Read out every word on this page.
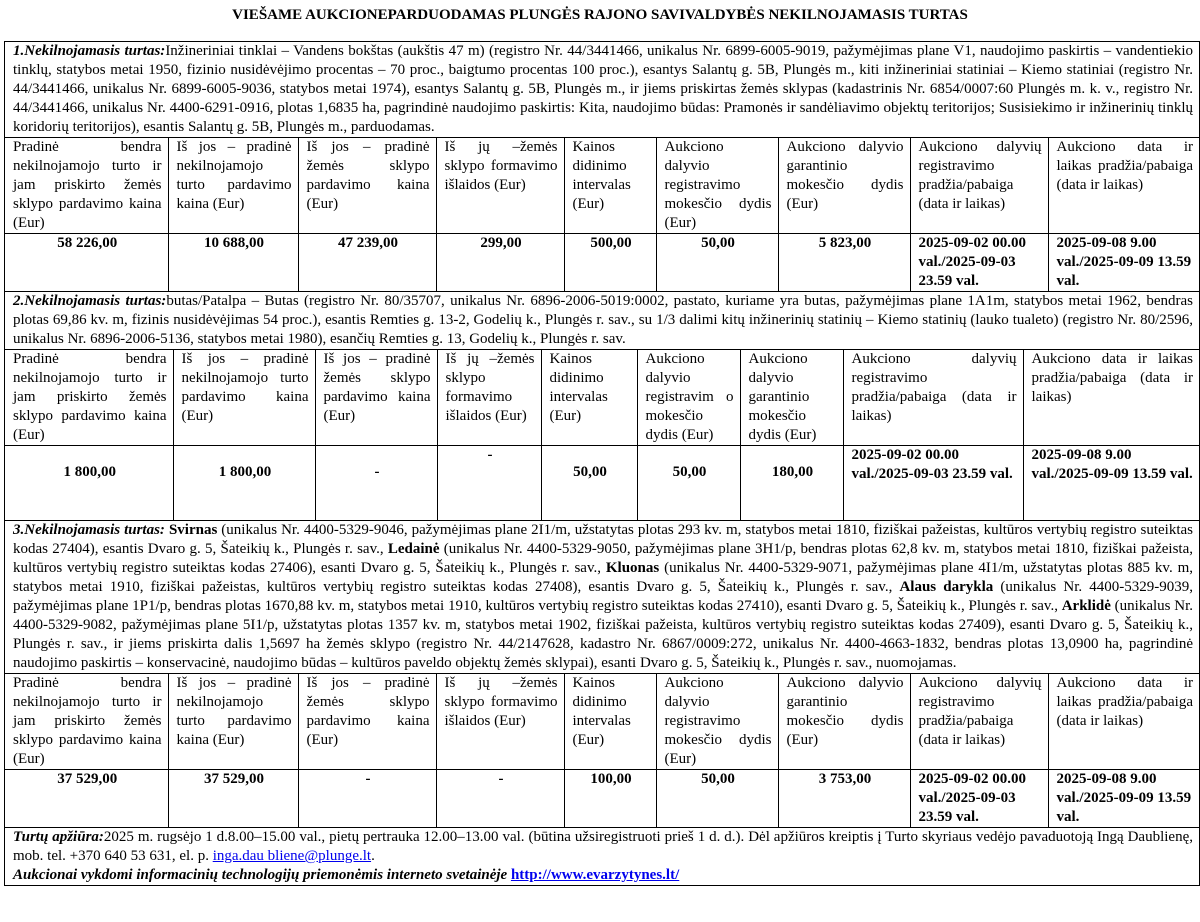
VIEŠAME AUKCIONEPARDUODAMAS PLUNGĖS RAJONO SAVIVALDYBĖS NEKILNOJAMASIS TURTAS
1.Nekilnojamasis turtas:Inžineriniai tinklai – Vandens bokštas (aukštis 47 m) (registro Nr. 44/3441466, unikalus Nr. 6899-6005-9019, pažymėjimas plane V1, naudojimo paskirtis – vandentiekio tinklų, statybos metai 1950, fizinio nusidėvėjimo procentas – 70 proc., baigtumo procentas 100 proc.), esantys Salantų g. 5B, Plungės m., kiti inžineriniai statiniai – Kiemo statiniai (registro Nr. 44/3441466, unikalus Nr. 6899-6005-9036, statybos metai 1974), esantys Salantų g. 5B, Plungės m., ir jiems priskirtas žemės sklypas (kadastrinis Nr. 6854/0007:60 Plungės m. k. v., registro Nr. 44/3441466, unikalus Nr. 4400-6291-0916, plotas 1,6835 ha, pagrindinė naudojimo paskirtis: Kita, naudojimo būdas: Pramonės ir sandėliavimo objektų teritorijos; Susisiekimo ir inžinerinių tinklų koridorių teritorijos), esantis Salantų g. 5B, Plungės m., parduodamas.
Pradinė bendra nekilnojamojo turto ir jam priskirto žemės sklypo pardavimo kaina (Eur)	Iš jos – pradinė nekilnojamojo turto pardavimo kaina (Eur)	Iš jos – pradinė žemės sklypo pardavimo kaina (Eur)	Iš jų –žemės sklypo formavimo išlaidos (Eur)	Kainos didinimo intervalas (Eur)	Aukciono dalyvio registravimo mokesčio dydis (Eur)	Aukciono dalyvio garantinio mokesčio dydis (Eur)	Aukciono dalyvių registravimo pradžia/pabaiga (data ir laikas)	Aukciono data ir laikas pradžia/pabaiga (data ir laikas)
58 226,00	10 688,00	47 239,00	299,00	500,00	50,00	5 823,00	2025-09-02 00.00 val./2025-09-03 23.59 val.	2025-09-08 9.00 val./2025-09-09 13.59 val.
2.Nekilnojamasis turtas:butas/Patalpa – Butas (registro Nr. 80/35707, unikalus Nr. 6896-2006-5019:0002, pastato, kuriame yra butas, pažymėjimas plane 1A1m, statybos metai 1962, bendras plotas 69,86 kv. m, fizinis nusidėvėjimas 54 proc.), esantis Remties g. 13-2, Godelių k., Plungės r. sav., su 1/3 dalimi kitų inžinerinių statinių – Kiemo statinių (lauko tualeto) (registro Nr. 80/2596, unikalus Nr. 6896-2006-5136, statybos metai 1980), esančių Remties g. 13, Godelių k., Plungės r. sav.
Pradinė bendra nekilnojamojo turto ir jam priskirto žemės sklypo pardavimo kaina (Eur)	Iš jos – pradinė nekilnojamojo turto pardavimo kaina (Eur)	Iš jos – pradinė žemės sklypo pardavimo kaina (Eur)	Iš jų –žemės sklypo formavimo išlaidos (Eur)	Kainos didinimo intervalas (Eur)	Aukciono dalyvio registravim o mokesčio dydis (Eur)	Aukciono dalyvio garantinio mokesčio dydis (Eur)	Aukciono dalyvių registravimo pradžia/pabaiga (data ir laikas)	Aukciono data ir laikas pradžia/pabaiga (data ir laikas)
1 800,00	1 800,00	-	-	50,00	50,00	180,00	2025-09-02 00.00 val./2025-09-03 23.59 val.	2025-09-08 9.00 val./2025-09-09 13.59 val.
3.Nekilnojamasis turtas: Svirnas (unikalus Nr. 4400-5329-9046, pažymėjimas plane 2I1/m, užstatytas plotas 293 kv. m, statybos metai 1810, fiziškai pažeistas, kultūros vertybių registro suteiktas kodas 27404), esantis Dvaro g. 5, Šateikių k., Plungės r. sav., Ledainė (unikalus Nr. 4400-5329-9050, pažymėjimas plane 3H1/p, bendras plotas 62,8 kv. m, statybos metai 1810, fiziškai pažeista, kultūros vertybių registro suteiktas kodas 27406), esanti Dvaro g. 5, Šateikių k., Plungės r. sav., Kluonas (unikalus Nr. 4400-5329-9071, pažymėjimas plane 4I1/m, užstatytas plotas 885 kv. m, statybos metai 1910, fiziškai pažeistas, kultūros vertybių registro suteiktas kodas 27408), esantis Dvaro g. 5, Šateikių k., Plungės r. sav., Alaus darykla (unikalus Nr. 4400-5329-9039, pažymėjimas plane 1P1/p, bendras plotas 1670,88 kv. m, statybos metai 1910, kultūros vertybių registro suteiktas kodas 27410), esanti Dvaro g. 5, Šateikių k., Plungės r. sav., Arklidė (unikalus Nr. 4400-5329-9082, pažymėjimas plane 5I1/p, užstatytas plotas 1357 kv. m, statybos metai 1902, fiziškai pažeista, kultūros vertybių registro suteiktas kodas 27409), esanti Dvaro g. 5, Šateikių k., Plungės r. sav., ir jiems priskirta dalis 1,5697 ha žemės sklypo (registro Nr. 44/2147628, kadastro Nr. 6867/0009:272, unikalus Nr. 4400-4663-1832, bendras plotas 13,0900 ha, pagrindinė naudojimo paskirtis – konservacinė, naudojimo būdas – kultūros paveldo objektų žemės sklypai), esanti Dvaro g. 5, Šateikių k., Plungės r. sav., nuomojamas.
Pradinė bendra nekilnojamojo turto ir jam priskirto žemės sklypo pardavimo kaina (Eur)	Iš jos – pradinė nekilnojamojo turto pardavimo kaina (Eur)	Iš jos – pradinė žemės sklypo pardavimo kaina (Eur)	Iš jų –žemės sklypo formavimo išlaidos (Eur)	Kainos didinimo intervalas (Eur)	Aukciono dalyvio registravimo mokesčio dydis (Eur)	Aukciono dalyvio garantinio mokesčio dydis (Eur)	Aukciono dalyvių registravimo pradžia/pabaiga (data ir laikas)	Aukciono data ir laikas pradžia/pabaiga (data ir laikas)
37 529,00	37 529,00	-	-	100,00	50,00	3 753,00	2025-09-02 00.00 val./2025-09-03 23.59 val.	2025-09-08 9.00 val./2025-09-09 13.59 val.
Turtų apžiūra:2025 m. rugsėjo 1 d.8.00–15.00 val., pietų pertrauka 12.00–13.00 val. (būtina užsiregistruoti prieš 1 d. d.). Dėl apžiūros kreiptis į Turto skyriaus vedėjo pavaduotoją Ingą Daublienę, mob. tel. +370 640 53 631, el. p. inga.dau bliene@plunge.lt.
Aukcionai vykdomi informacinių technologijų priemonėmis interneto svetainėje http://www.evarzytynes.lt/
